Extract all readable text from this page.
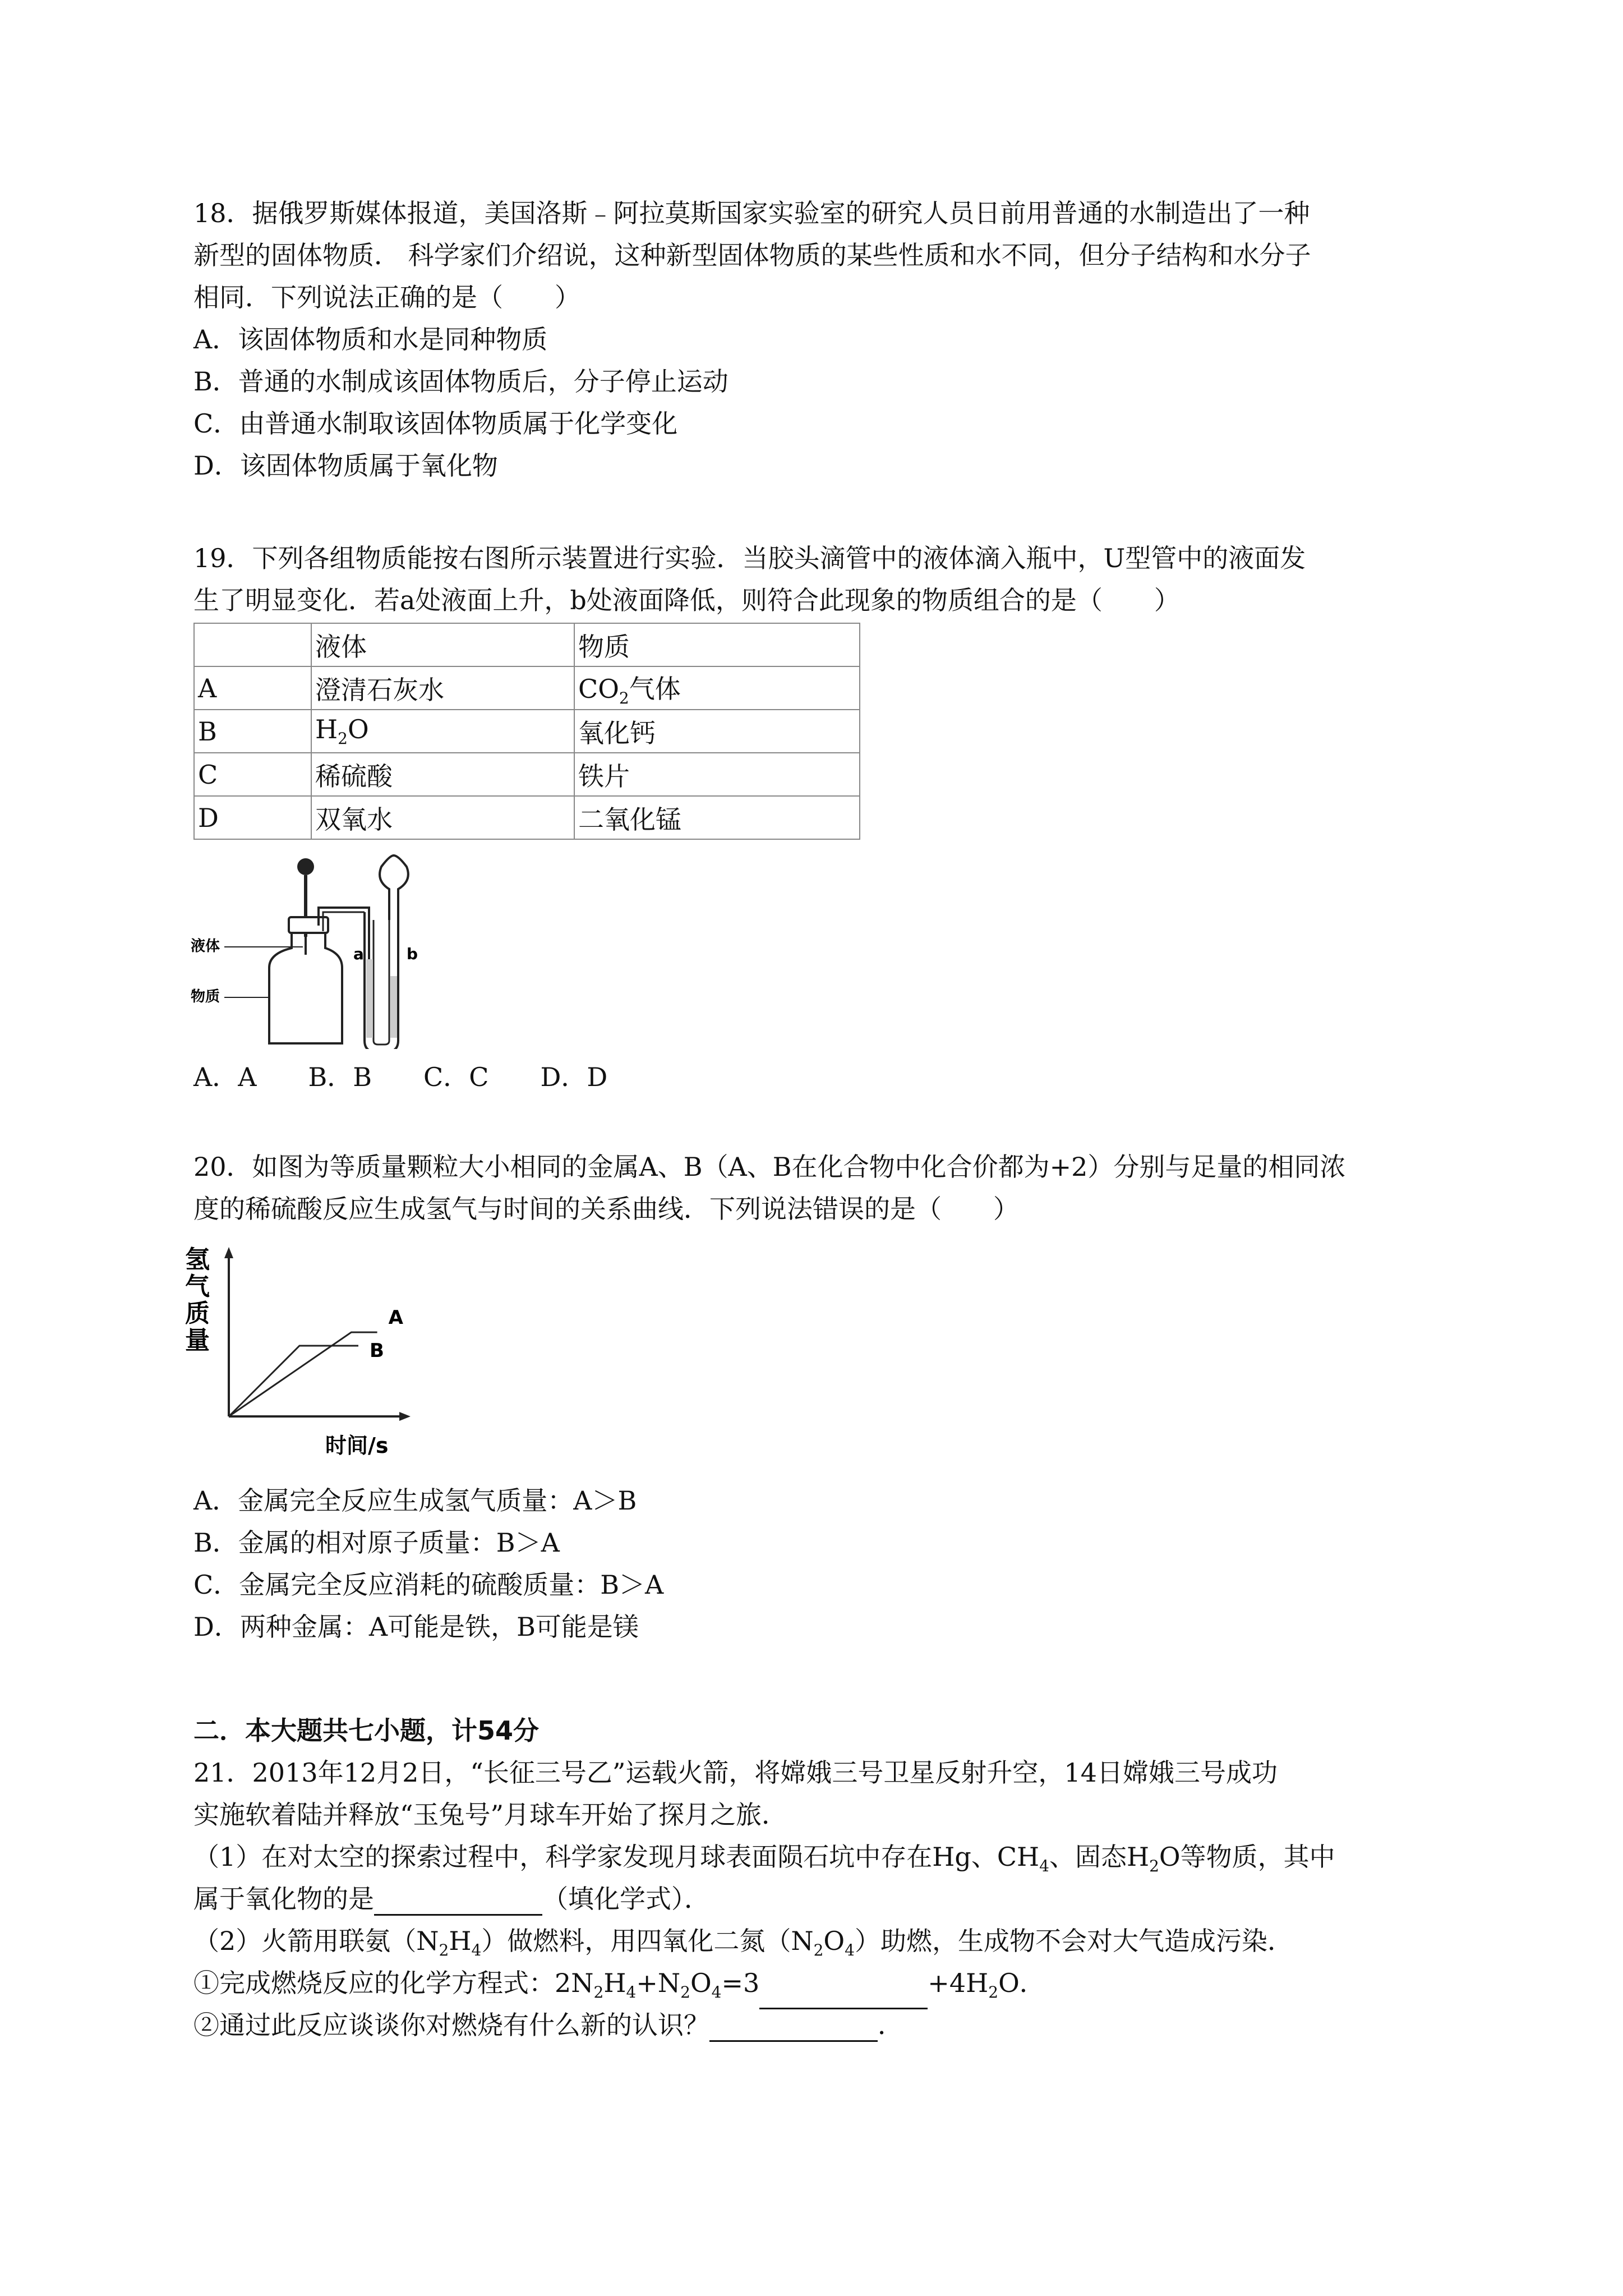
18．据俄罗斯媒体报道，美国洛斯﹣阿拉莫斯国家实验室的研究人员日前用普通的水制造出了一种
新型的固体物质． 科学家们介绍说，这种新型固体物质的某些性质和水不同，但分子结构和水分子
相同．下列说法正确的是（　　）
A．该固体物质和水是同种物质
B．普通的水制成该固体物质后，分子停止运动
C．由普通水制取该固体物质属于化学变化
D．该固体物质属于氧化物
19．下列各组物质能按右图所示装置进行实验．当胶头滴管中的液体滴入瓶中，U型管中的液面发
生了明显变化．若a处液面上升，b处液面降低，则符合此现象的物质组合的是（　　）
	液体	物质
A	澄清石灰水	$CO_2$气体
B	$H_2O$	氧化钙
C	稀硫酸	铁片
D	双氧水	二氧化锰
a	b
液体
物质
A．A　　B．B　　C．C　　D．D
20．如图为等质量颗粒大小相同的金属A、B（A、B在化合物中化合价都为+2）分别与足量的相同浓
度的稀硫酸反应生成氢气与时间的关系曲线．下列说法错误的是（　　）
氢
气
质
量
A
B
时间/s
A．金属完全反应生成氢气质量：A＞B
B．金属的相对原子质量：B＞A
C．金属完全反应消耗的硫酸质量：B＞A
D．两种金属：A可能是铁，B可能是镁
二．本大题共七小题，计54分
21．2013年12月2日，“长征三号乙”运载火箭，将嫦娥三号卫星反射升空，14日嫦娥三号成功
实施软着陆并释放“玉兔号”月球车开始了探月之旅．
（1）在对太空的探索过程中，科学家发现月球表面陨石坑中存在Hg、$CH_4$、固态$H_2O$等物质，其中
属于氧化物的是	（填化学式）．
（2）火箭用联氨$(N_2H_4)$做燃料，用四氧化二氮$(N_2O_4)$助燃，生成物不会对大气造成污染．
①完成燃烧反应的化学方程式：$2N_2H_4+N_2O_4=3$	$+4H_2O$．
②通过此反应谈谈你对燃烧有什么新的认识？	．
